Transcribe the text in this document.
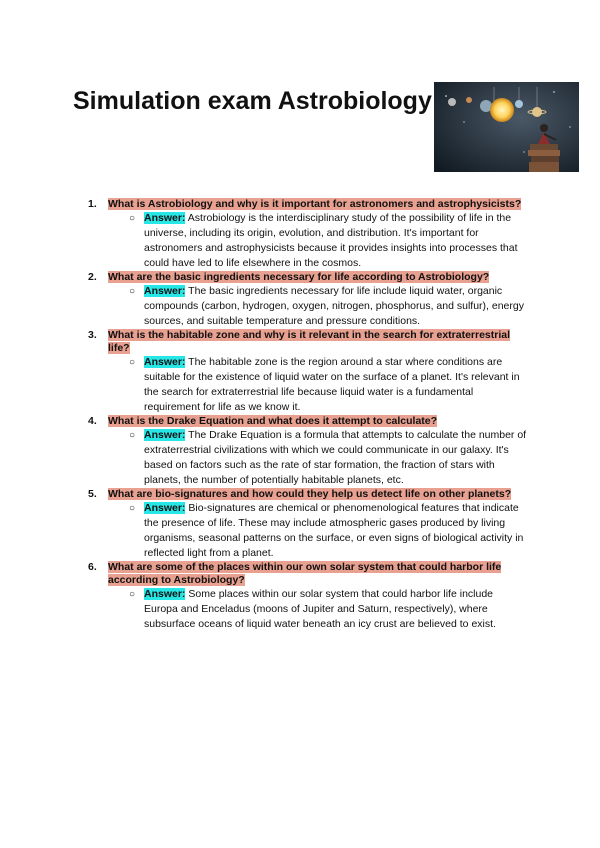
Simulation exam Astrobiology
1. What is Astrobiology and why is it important for astronomers and astrophysicists?

○ Answer: Astrobiology is the interdisciplinary study of the possibility of life in the universe, including its origin, evolution, and distribution. It's important for astronomers and astrophysicists because it provides insights into processes that could have led to life elsewhere in the cosmos.

2. What are the basic ingredients necessary for life according to Astrobiology?

○ Answer: The basic ingredients necessary for life include liquid water, organic compounds (carbon, hydrogen, oxygen, nitrogen, phosphorus, and sulfur), energy sources, and suitable temperature and pressure conditions.

3. What is the habitable zone and why is it relevant in the search for extraterrestrial life?

○ Answer: The habitable zone is the region around a star where conditions are suitable for the existence of liquid water on the surface of a planet. It's relevant in the search for extraterrestrial life because liquid water is a fundamental requirement for life as we know it.

4. What is the Drake Equation and what does it attempt to calculate?

○ Answer: The Drake Equation is a formula that attempts to calculate the number of extraterrestrial civilizations with which we could communicate in our galaxy. It's based on factors such as the rate of star formation, the fraction of stars with planets, the number of potentially habitable planets, etc.

5. What are bio-signatures and how could they help us detect life on other planets?

○ Answer: Bio-signatures are chemical or phenomenological features that indicate the presence of life. These may include atmospheric gases produced by living organisms, seasonal patterns on the surface, or even signs of biological activity in reflected light from a planet.

6. What are some of the places within our own solar system that could harbor life according to Astrobiology?

○ Answer: Some places within our solar system that could harbor life include Europa and Enceladus (moons of Jupiter and Saturn, respectively), where subsurface oceans of liquid water beneath an icy crust are believed to exist.
